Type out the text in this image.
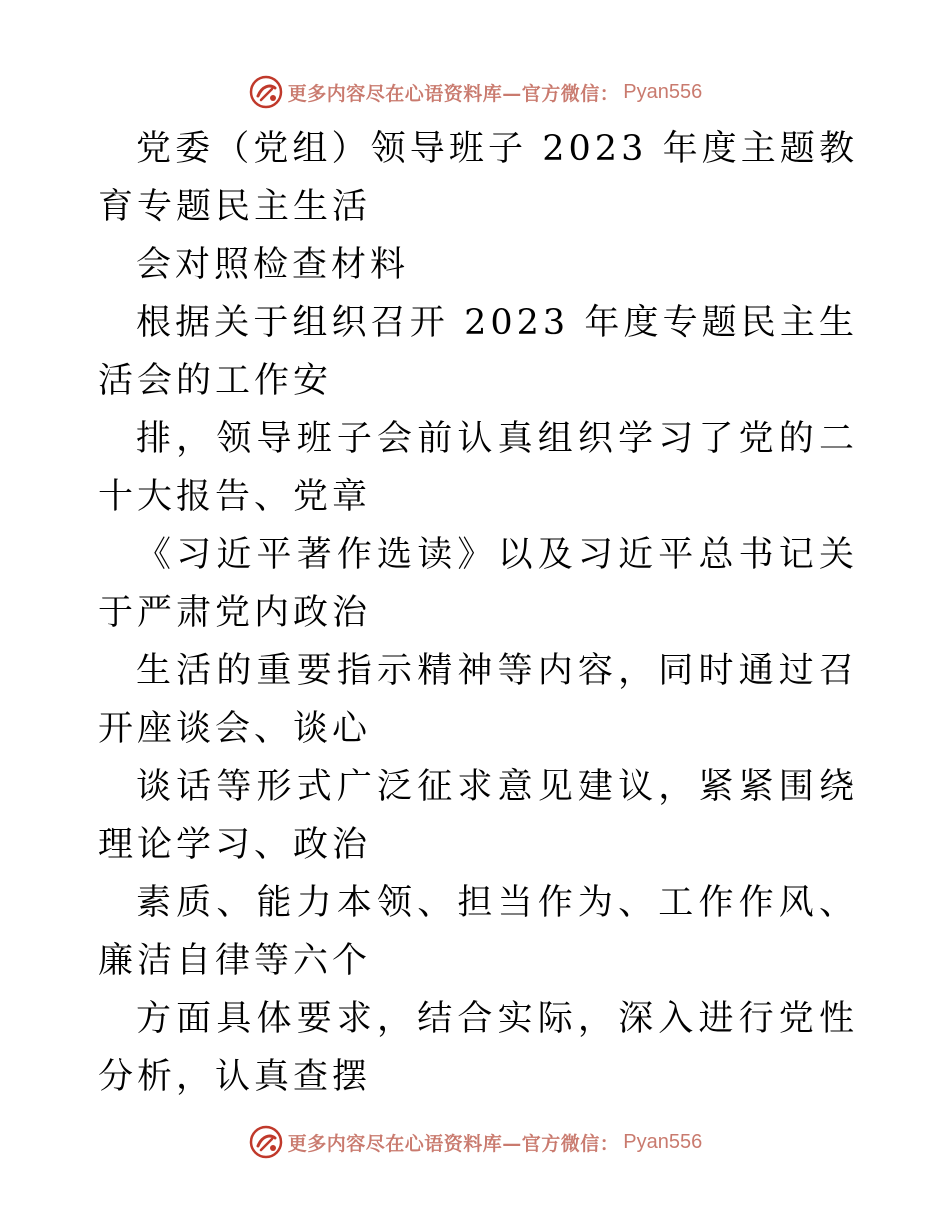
更多内容尽在心语资料库—官方微信： Pyan556

党委（党组）领导班子 2023 年度主题教育专题民主生活

会对照检查材料

根据关于组织召开 2023 年度专题民主生活会的工作安

排，领导班子会前认真组织学习了党的二十大报告、党章

《习近平著作选读》以及习近平总书记关于严肃党内政治

生活的重要指示精神等内容，同时通过召开座谈会、谈心

谈话等形式广泛征求意见建议，紧紧围绕理论学习、政治

素质、能力本领、担当作为、工作作风、廉洁自律等六个

方面具体要求，结合实际，深入进行党性分析，认真查摆

更多内容尽在心语资料库—官方微信： Pyan556
